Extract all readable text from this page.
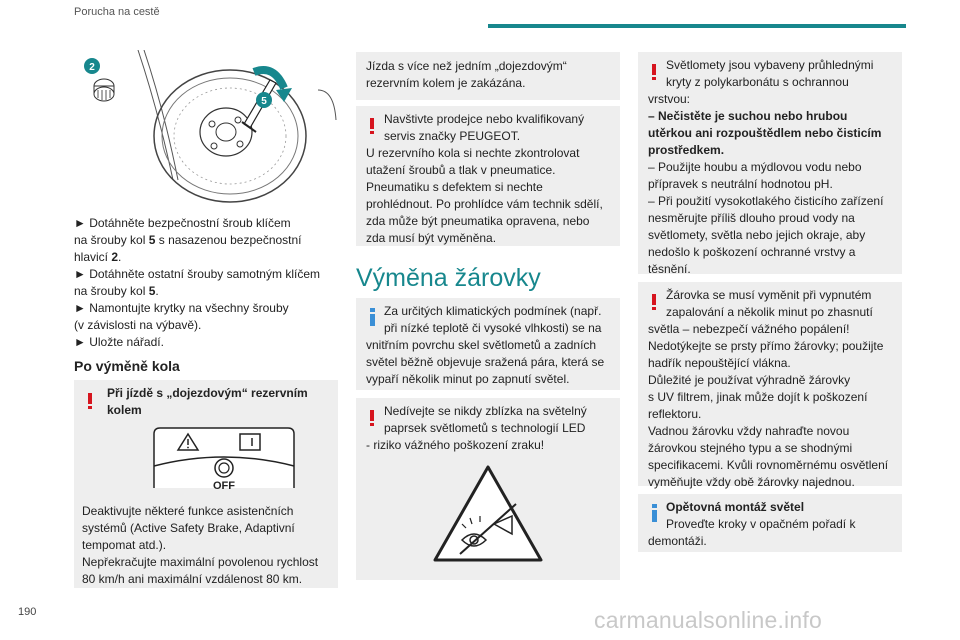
Porucha na cestě
2
5
► Dotáhněte bezpečnostní šroub klíčem
na šrouby kol 5 s nasazenou bezpečnostní
hlavicí 2.
► Dotáhněte ostatní šrouby samotným klíčem
na šrouby kol 5.
► Namontujte krytky na všechny šrouby
(v závislosti na výbavě).
► Uložte nářadí.
Po výměně kola
Při jízdě s „dojezdovým“ rezervním
kolem
OFF

Deaktivujte některé funkce asistenčních

systémů (Active Safety Brake, Adaptivní

tempomat atd.).

Nepřekračujte maximální povolenou rychlost

80 km/h ani maximální vzdálenost 80 km.

Jízda s více než jedním „dojezdovým“

rezervním kolem je zakázána.

Navštivte prodejce nebo kvalifikovaný

servis značky PEUGEOT.

U rezervního kola si nechte zkontrolovat

utažení šroubů a tlak v pneumatice.

Pneumatiku s defektem si nechte

prohlédnout. Po prohlídce vám technik sdělí,

zda může být pneumatika opravena, nebo

zda musí být vyměněna.

Výměna žárovky

Za určitých klimatických podmínek (např.

při nízké teplotě či vysoké vlhkosti) se na

vnitřním povrchu skel světlometů a zadních

světel běžně objevuje sražená pára, která se

vypaří několik minut po zapnutí světel.

Nedívejte se nikdy zblízka na světelný

paprsek světlometů s technologií LED

- riziko vážného poškození zraku!

Světlomety jsou vybaveny průhlednými

kryty z polykarbonátu s ochrannou

vrstvou:

– Nečistěte je suchou nebo hrubou

utěrkou ani rozpouštědlem nebo čisticím

prostředkem.

– Použijte houbu a mýdlovou vodu nebo

přípravek s neutrální hodnotou pH.

– Při použití vysokotlakého čisticího zařízení

nesměrujte příliš dlouho proud vody na

světlomety, světla nebo jejich okraje, aby

nedošlo k poškození ochranné vrstvy a

těsnění.

Žárovka se musí vyměnit při vypnutém

zapalování a několik minut po zhasnutí

světla – nebezpečí vážného popálení!

Nedotýkejte se prsty přímo žárovky; použijte

hadřík nepouštějící vlákna.

Důležité je používat výhradně žárovky

s UV filtrem, jinak může dojít k poškození

reflektoru.

Vadnou žárovku vždy nahraďte novou

žárovkou stejného typu a se shodnými

specifikacemi. Kvůli rovnoměrnému osvětlení

vyměňujte vždy obě žárovky najednou.

Opětovná montáž světel

Proveďte kroky v opačném pořadí k

demontáži.

190	carmanualsonline.info
